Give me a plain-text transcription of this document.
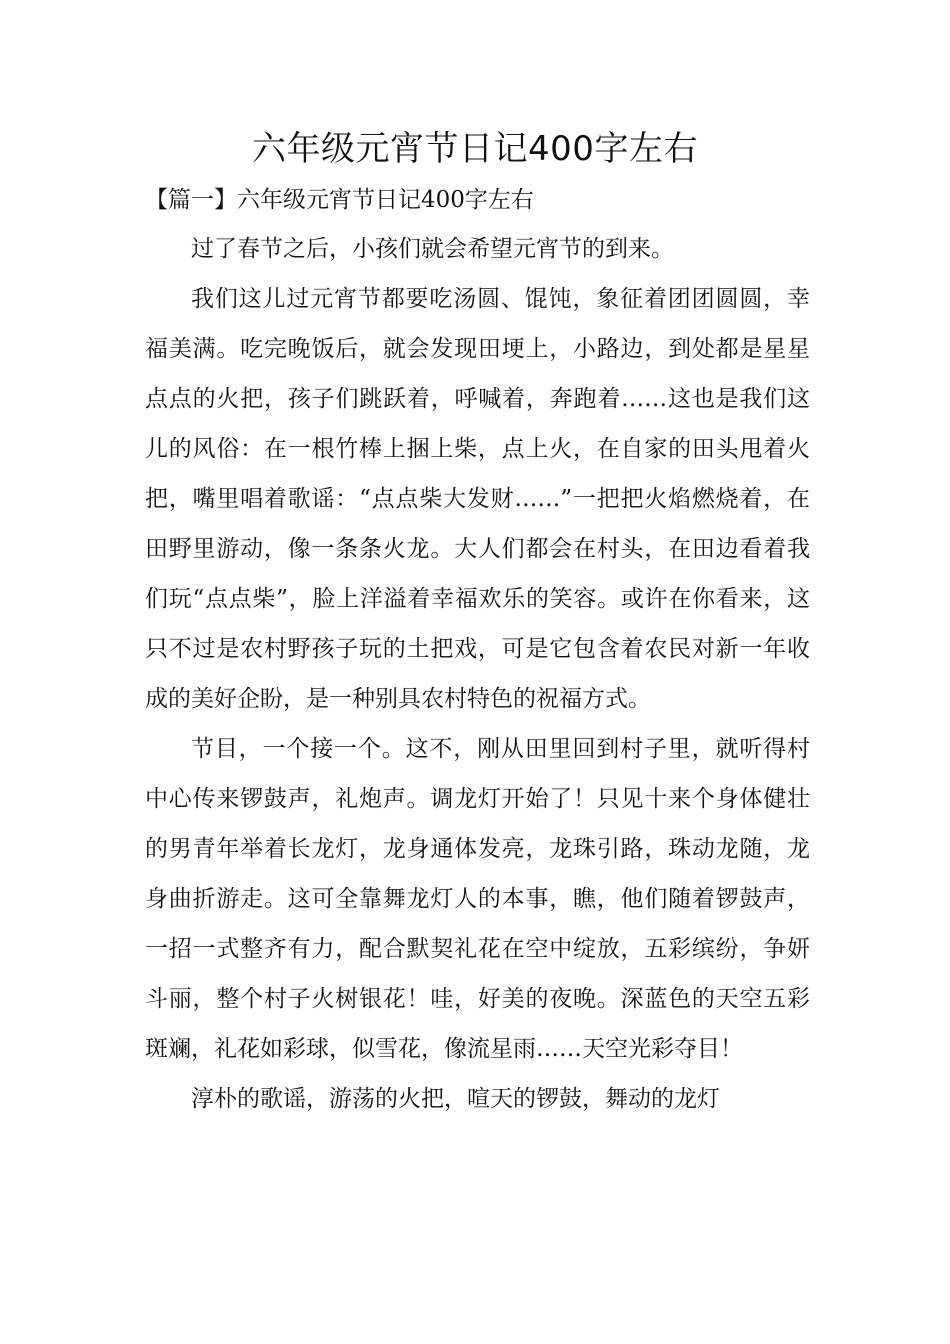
六年级元宵节日记400字左右

【篇一】六年级元宵节日记400字左右

过了春节之后，小孩们就会希望元宵节的到来。

我们这儿过元宵节都要吃汤圆、馄饨，象征着团团圆圆，幸福美满。吃完晚饭后，就会发现田埂上，小路边，到处都是星星点点的火把，孩子们跳跃着，呼喊着，奔跑着……这也是我们这儿的风俗：在一根竹棒上捆上柴，点上火，在自家的田头甩着火把，嘴里唱着歌谣：“点点柴大发财……”一把把火焰燃烧着，在田野里游动，像一条条火龙。大人们都会在村头，在田边看着我们玩“点点柴”，脸上洋溢着幸福欢乐的笑容。或许在你看来，这只不过是农村野孩子玩的土把戏，可是它包含着农民对新一年收成的美好企盼，是一种别具农村特色的祝福方式。

节目，一个接一个。这不，刚从田里回到村子里，就听得村中心传来锣鼓声，礼炮声。调龙灯开始了！只见十来个身体健壮的男青年举着长龙灯，龙身通体发亮，龙珠引路，珠动龙随，龙身曲折游走。这可全靠舞龙灯人的本事，瞧，他们随着锣鼓声，一招一式整齐有力，配合默契礼花在空中绽放，五彩缤纷，争妍斗丽，整个村子火树银花！哇，好美的夜晚。深蓝色的天空五彩斑斓，礼花如彩球，似雪花，像流星雨……天空光彩夺目！

淳朴的歌谣，游荡的火把，喧天的锣鼓，舞动的龙灯
